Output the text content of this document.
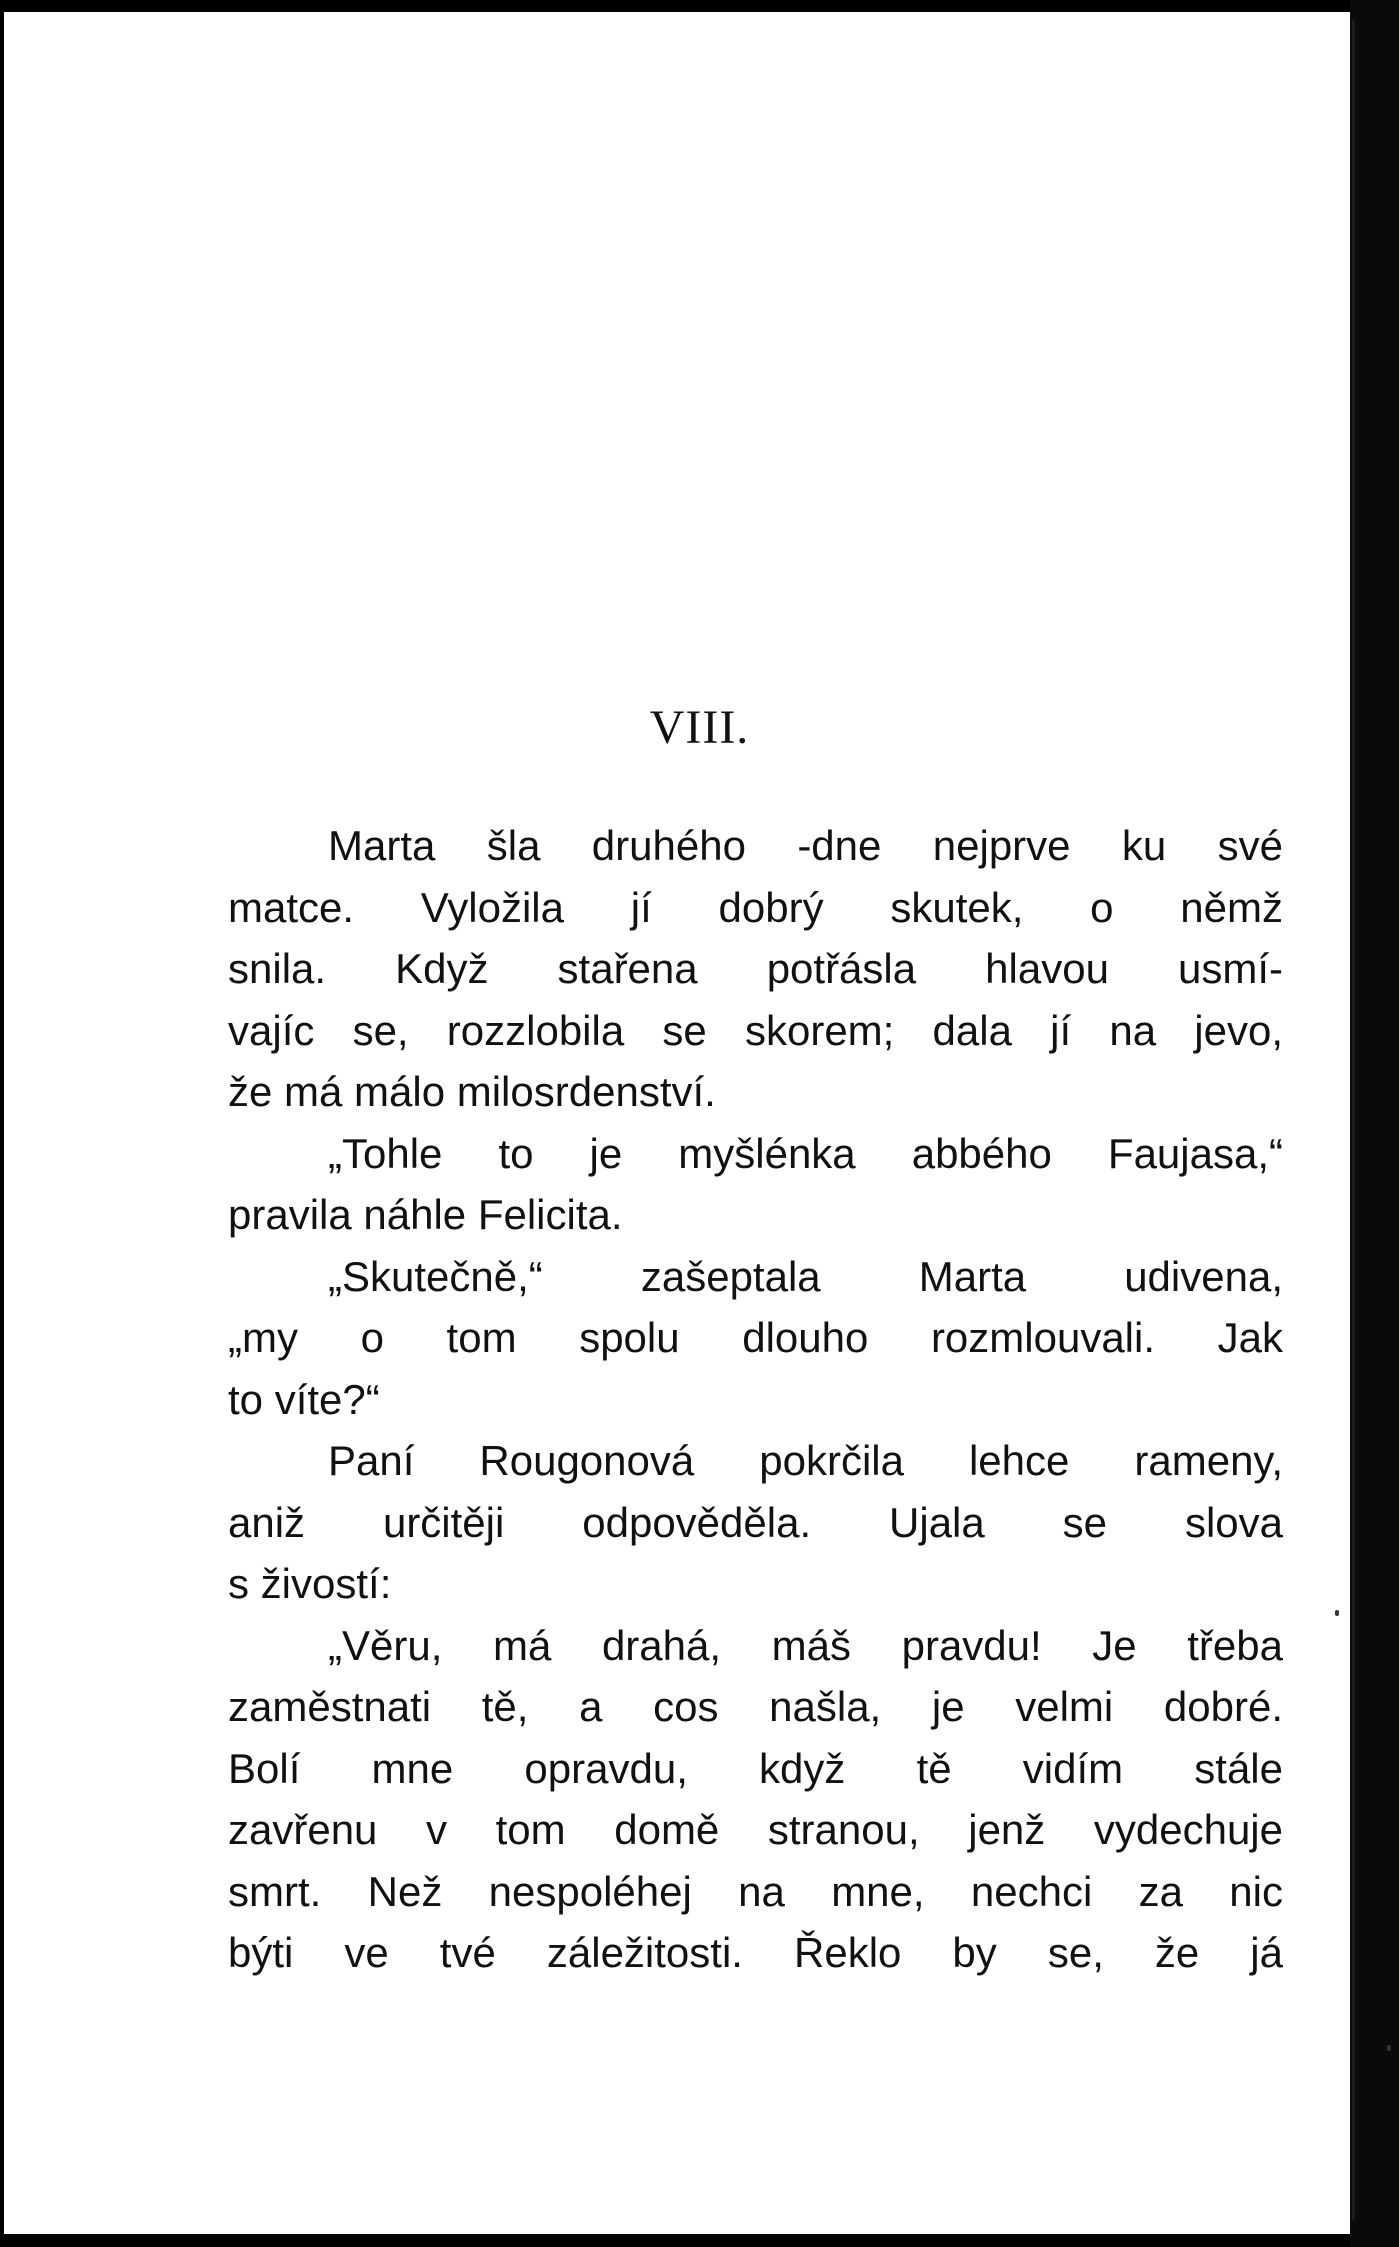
VIII.
Marta šla druhého -dne nejprve ku své
matce. Vyložila jí dobrý skutek, o němž
snila. Když stařena potřásla hlavou usmí-
vajíc se, rozzlobila se skorem; dala jí na jevo,
že má málo milosrdenství.
„Tohle to je myšlénka abbého Faujasa,“
pravila náhle Felicita.
„Skutečně,“ zašeptala Marta udivena,
„my o tom spolu dlouho rozmlouvali. Jak
to víte?“
Paní Rougonová pokrčila lehce rameny,
aniž určitěji odpověděla. Ujala se slova
s živostí:
„Věru, má drahá, máš pravdu! Je třeba
zaměstnati tě, a cos našla, je velmi dobré.
Bolí mne opravdu, když tě vidím stále
zavřenu v tom domě stranou, jenž vydechuje
smrt. Než nespoléhej na mne, nechci za nic
býti ve tvé záležitosti. Řeklo by se, že já
